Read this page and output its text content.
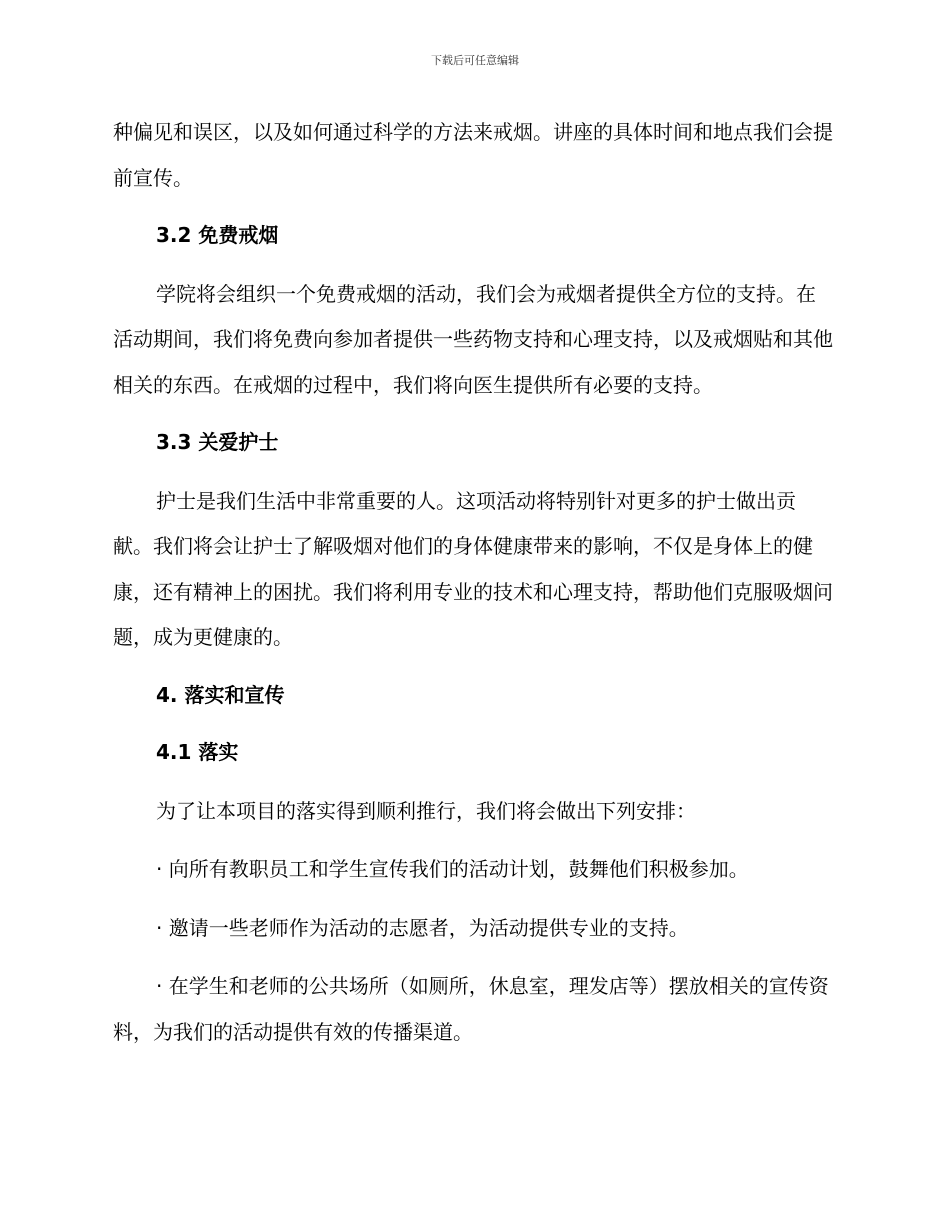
下载后可任意编辑

种偏见和误区，以及如何通过科学的方法来戒烟。讲座的具体时间和地点我们会提前宣传。

3.2 免费戒烟

学院将会组织一个免费戒烟的活动，我们会为戒烟者提供全方位的支持。在活动期间，我们将免费向参加者提供一些药物支持和心理支持，以及戒烟贴和其他相关的东西。在戒烟的过程中，我们将向医生提供所有必要的支持。

3.3 关爱护士

护士是我们生活中非常重要的人。这项活动将特别针对更多的护士做出贡献。我们将会让护士了解吸烟对他们的身体健康带来的影响，不仅是身体上的健康，还有精神上的困扰。我们将利用专业的技术和心理支持，帮助他们克服吸烟问题，成为更健康的。

4. 落实和宣传

4.1 落实

为了让本项目的落实得到顺利推行，我们将会做出下列安排：

· 向所有教职员工和学生宣传我们的活动计划，鼓舞他们积极参加。

· 邀请一些老师作为活动的志愿者，为活动提供专业的支持。

· 在学生和老师的公共场所（如厕所，休息室，理发店等）摆放相关的宣传资料，为我们的活动提供有效的传播渠道。
